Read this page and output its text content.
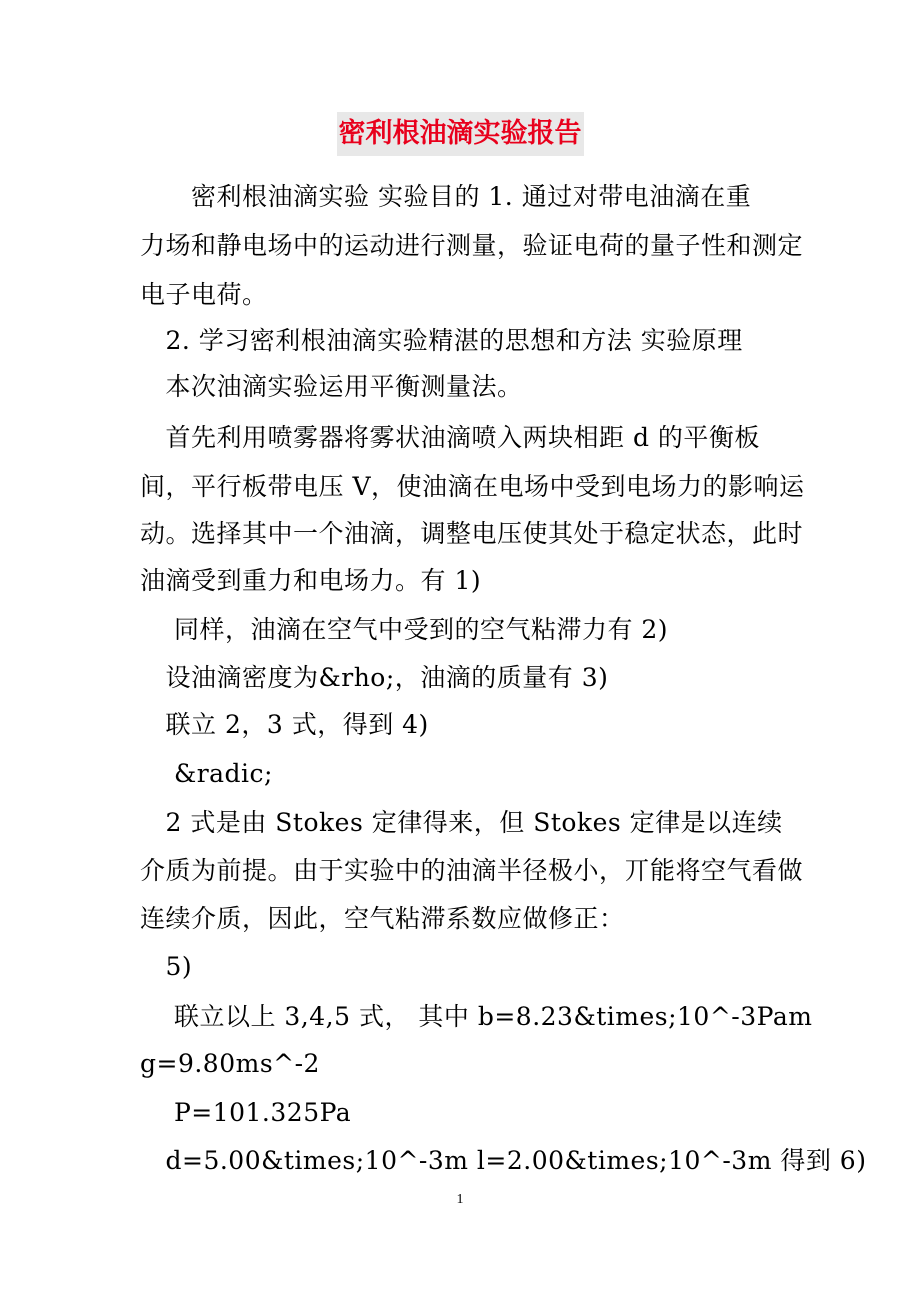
密利根油滴实验报告
　　密利根油滴实验 实验目的 1. 通过对带电油滴在重
力场和静电场中的运动进行测量，验证电荷的量子性和测定
电子电荷。
　2. 学习密利根油滴实验精湛的思想和方法 实验原理
　本次油滴实验运用平衡测量法。
　首先利用喷雾器将雾状油滴喷入两块相距 d 的平衡板
间，平行板带电压 V，使油滴在电场中受到电场力的影响运
动。选择其中一个油滴，调整电压使其处于稳定状态，此时
油滴受到重力和电场力。有 1)
　 同样，油滴在空气中受到的空气粘滞力有 2)
　设油滴密度为&rho;，油滴的质量有 3)
　联立 2，3 式，得到 4)
　 &radic;
　2 式是由 Stokes 定律得来，但 Stokes 定律是以连续
介质为前提。由于实验中的油滴半径极小，丌能将空气看做
连续介质，因此，空气粘滞系数应做修正：
　5)
　 联立以上 3,4,5 式， 其中 b=8.23&times;10^-3Pam
g=9.80ms^-2
　 P=101.325Pa
　d=5.00&times;10^-3m l=2.00&times;10^-3m 得到 6)
1
